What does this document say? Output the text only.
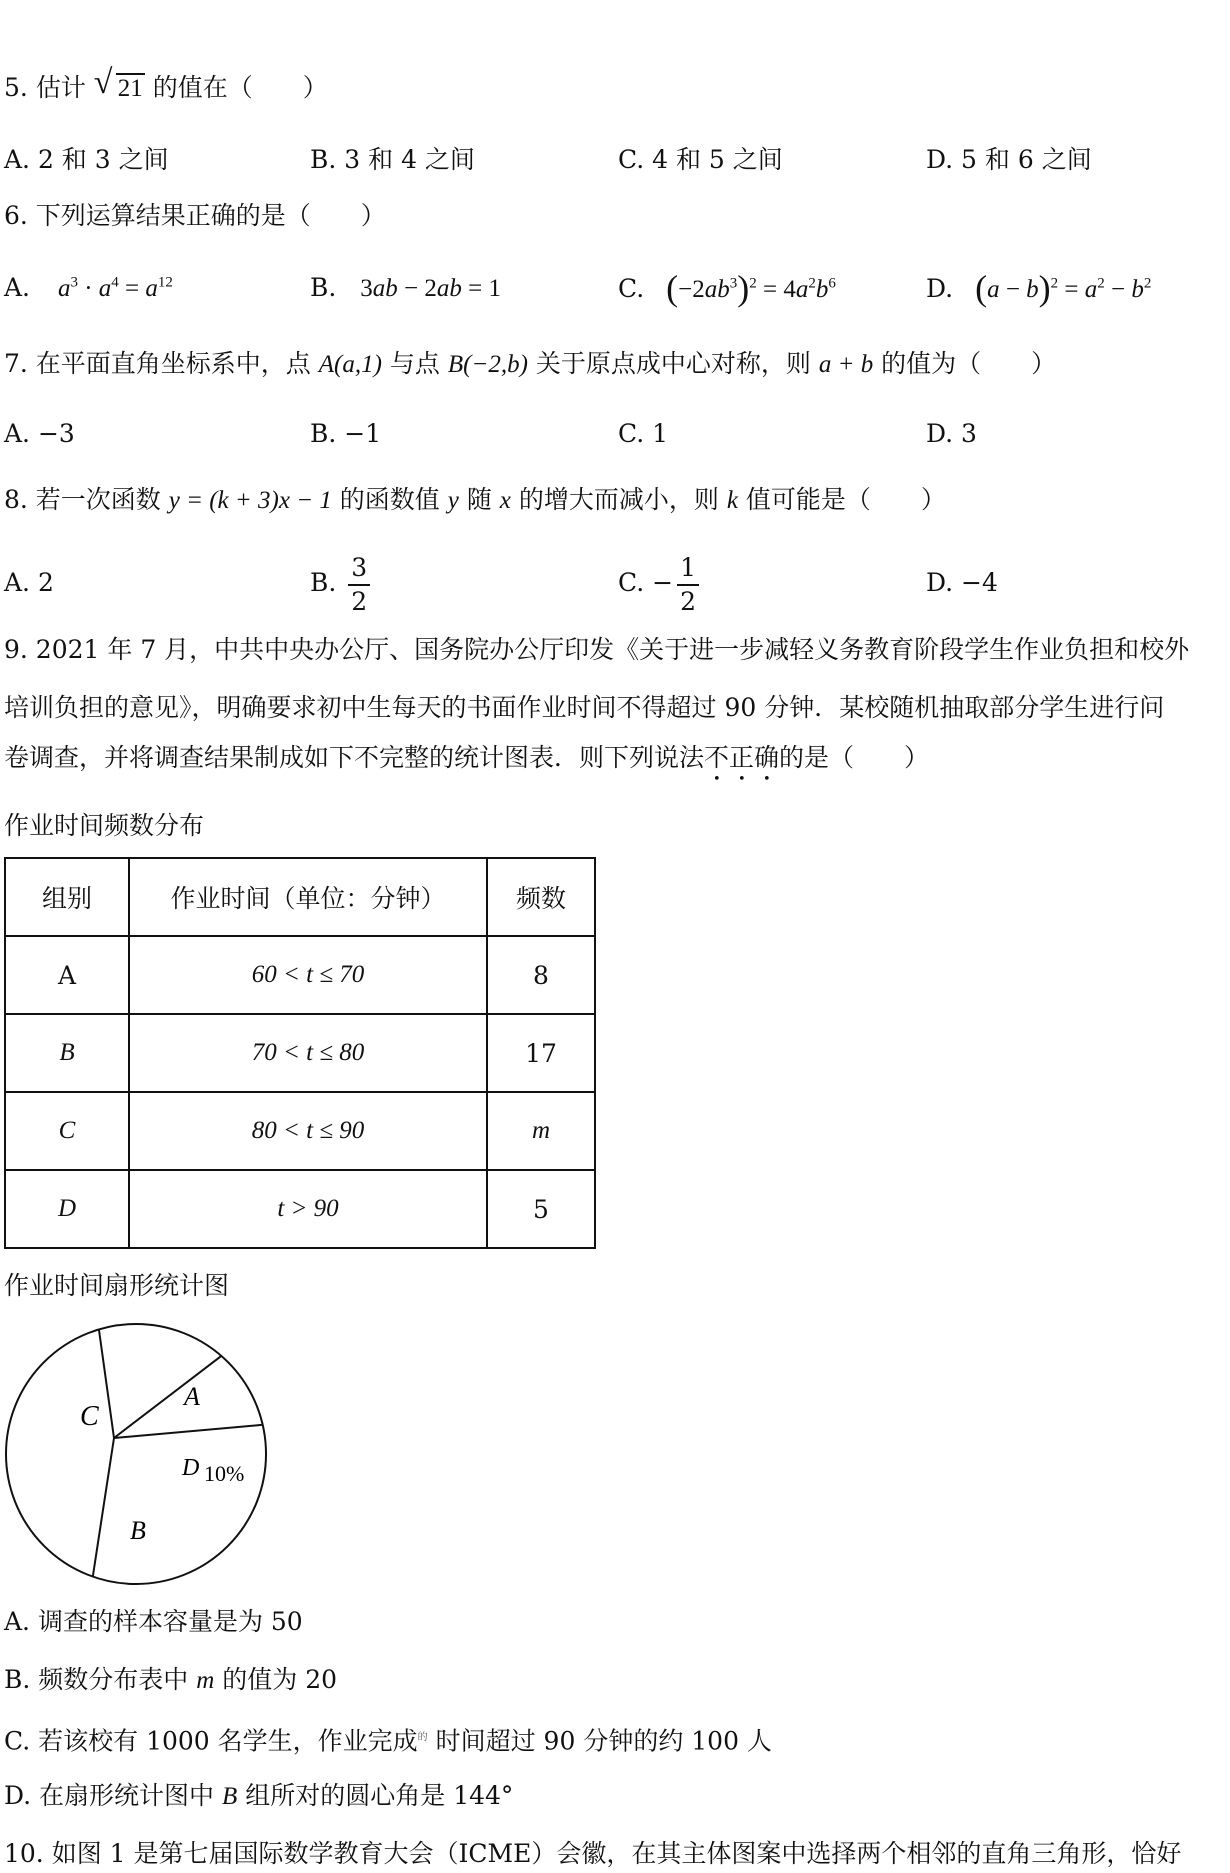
5. 估计 √ 21 的值在（　　）
A. 2 和 3 之间	B. 3 和 4 之间	C. 4 和 5 之间	D. 5 和 6 之间
6. 下列运算结果正确的是（　　）
A. $a^3 \cdot a^4 = a^{12}$	B. 3ab − 2ab = 1	C. $(-2ab^3)^2 = 4a^2b^6$	D. $(a - b)^2 = a^2 - b^2$
7. 在平面直角坐标系中，点 A(a,1) 与点 B(−2,b) 关于原点成中心对称，则 a + b 的值为（　　）
A. −3	B. −1	C. 1	D. 3
8. 若一次函数 y = (k + 3)x − 1 的函数值 y 随 x 的增大而减小，则 k 值可能是（　　）
A. 2	B. $\frac{3}{2}$	C. − $\frac{1}{2}$	D. −4
9. 2021 年 7 月，中共中央办公厅、国务院办公厅印发《关于进一步减轻义务教育阶段学生作业负担和校外
培训负担的意见》，明确要求初中生每天的书面作业时间不得超过 90 分钟．某校随机抽取部分学生进行问
卷调查，并将调查结果制成如下不完整的统计图表．则下列说法不正确的是（　　）
作业时间频数分布
组别	作业时间（单位：分钟）	频数
A	60 < t ≤ 70	8
B	70 < t ≤ 80	17
C	80 < t ≤ 90	m
D	t > 90	5
作业时间扇形统计图
C
A
B
D 10%
A. 调查的样本容量是为 50
B. 频数分布表中 m 的值为 20
C. 若该校有 1000 名学生，作业完成$^的$ 时间超过 90 分钟的约 100 人
D. 在扇形统计图中 B 组所对的圆心角是 144°
10. 如图 1 是第七届国际数学教育大会（ICME）会徽，在其主体图案中选择两个相邻的直角三角形，恰好
